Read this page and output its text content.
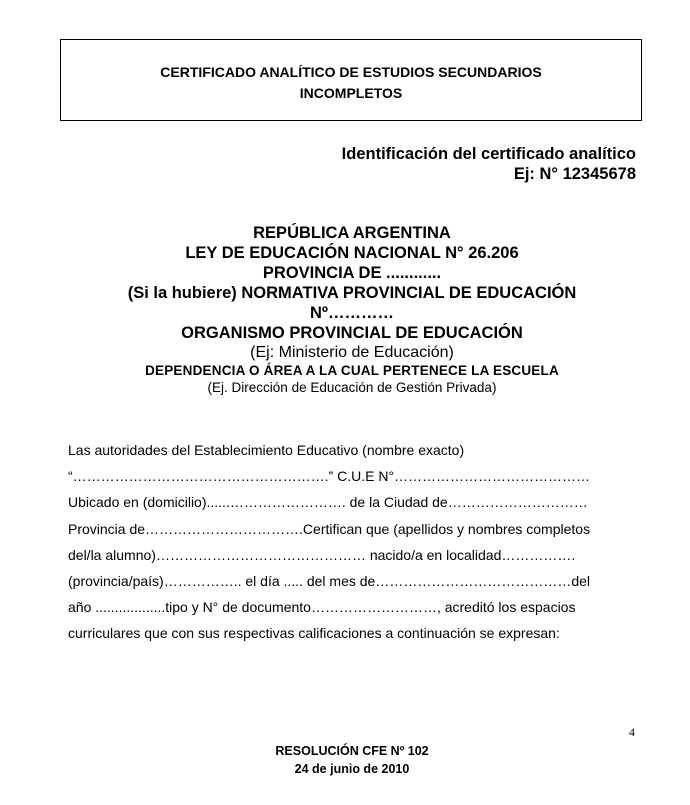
CERTIFICADO ANALÍTICO DE ESTUDIOS SECUNDARIOS
INCOMPLETOS
Identificación del certificado analítico
Ej: N° 12345678
REPÚBLICA ARGENTINA
LEY DE EDUCACIÓN NACIONAL N° 26.206
PROVINCIA DE ............
(Si la hubiere) NORMATIVA PROVINCIAL DE EDUCACIÓN
Nº…………
ORGANISMO PROVINCIAL DE EDUCACIÓN
(Ej: Ministerio de Educación)
DEPENDENCIA O ÁREA A LA CUAL PERTENECE LA ESCUELA
(Ej. Dirección de Educación de Gestión Privada)
Las autoridades del Establecimiento Educativo (nombre exacto)
“……………………………………………….” C.U.E N°……………………………………
Ubicado en (domicilio)......……………………. de la Ciudad de…………………………
Provincia de…………………………….Certifican que (apellidos y nombres completos
del/la alumno)……………………………………… nacido/a en localidad…………….
(provincia/país)…………….. el día ..... del mes de……………………………………del
año ..................tipo y N° de documento………………………, acreditó los espacios
curriculares que con sus respectivas calificaciones a continuación se expresan:
4
RESOLUCIÓN CFE Nº 102
24 de junio de 2010
